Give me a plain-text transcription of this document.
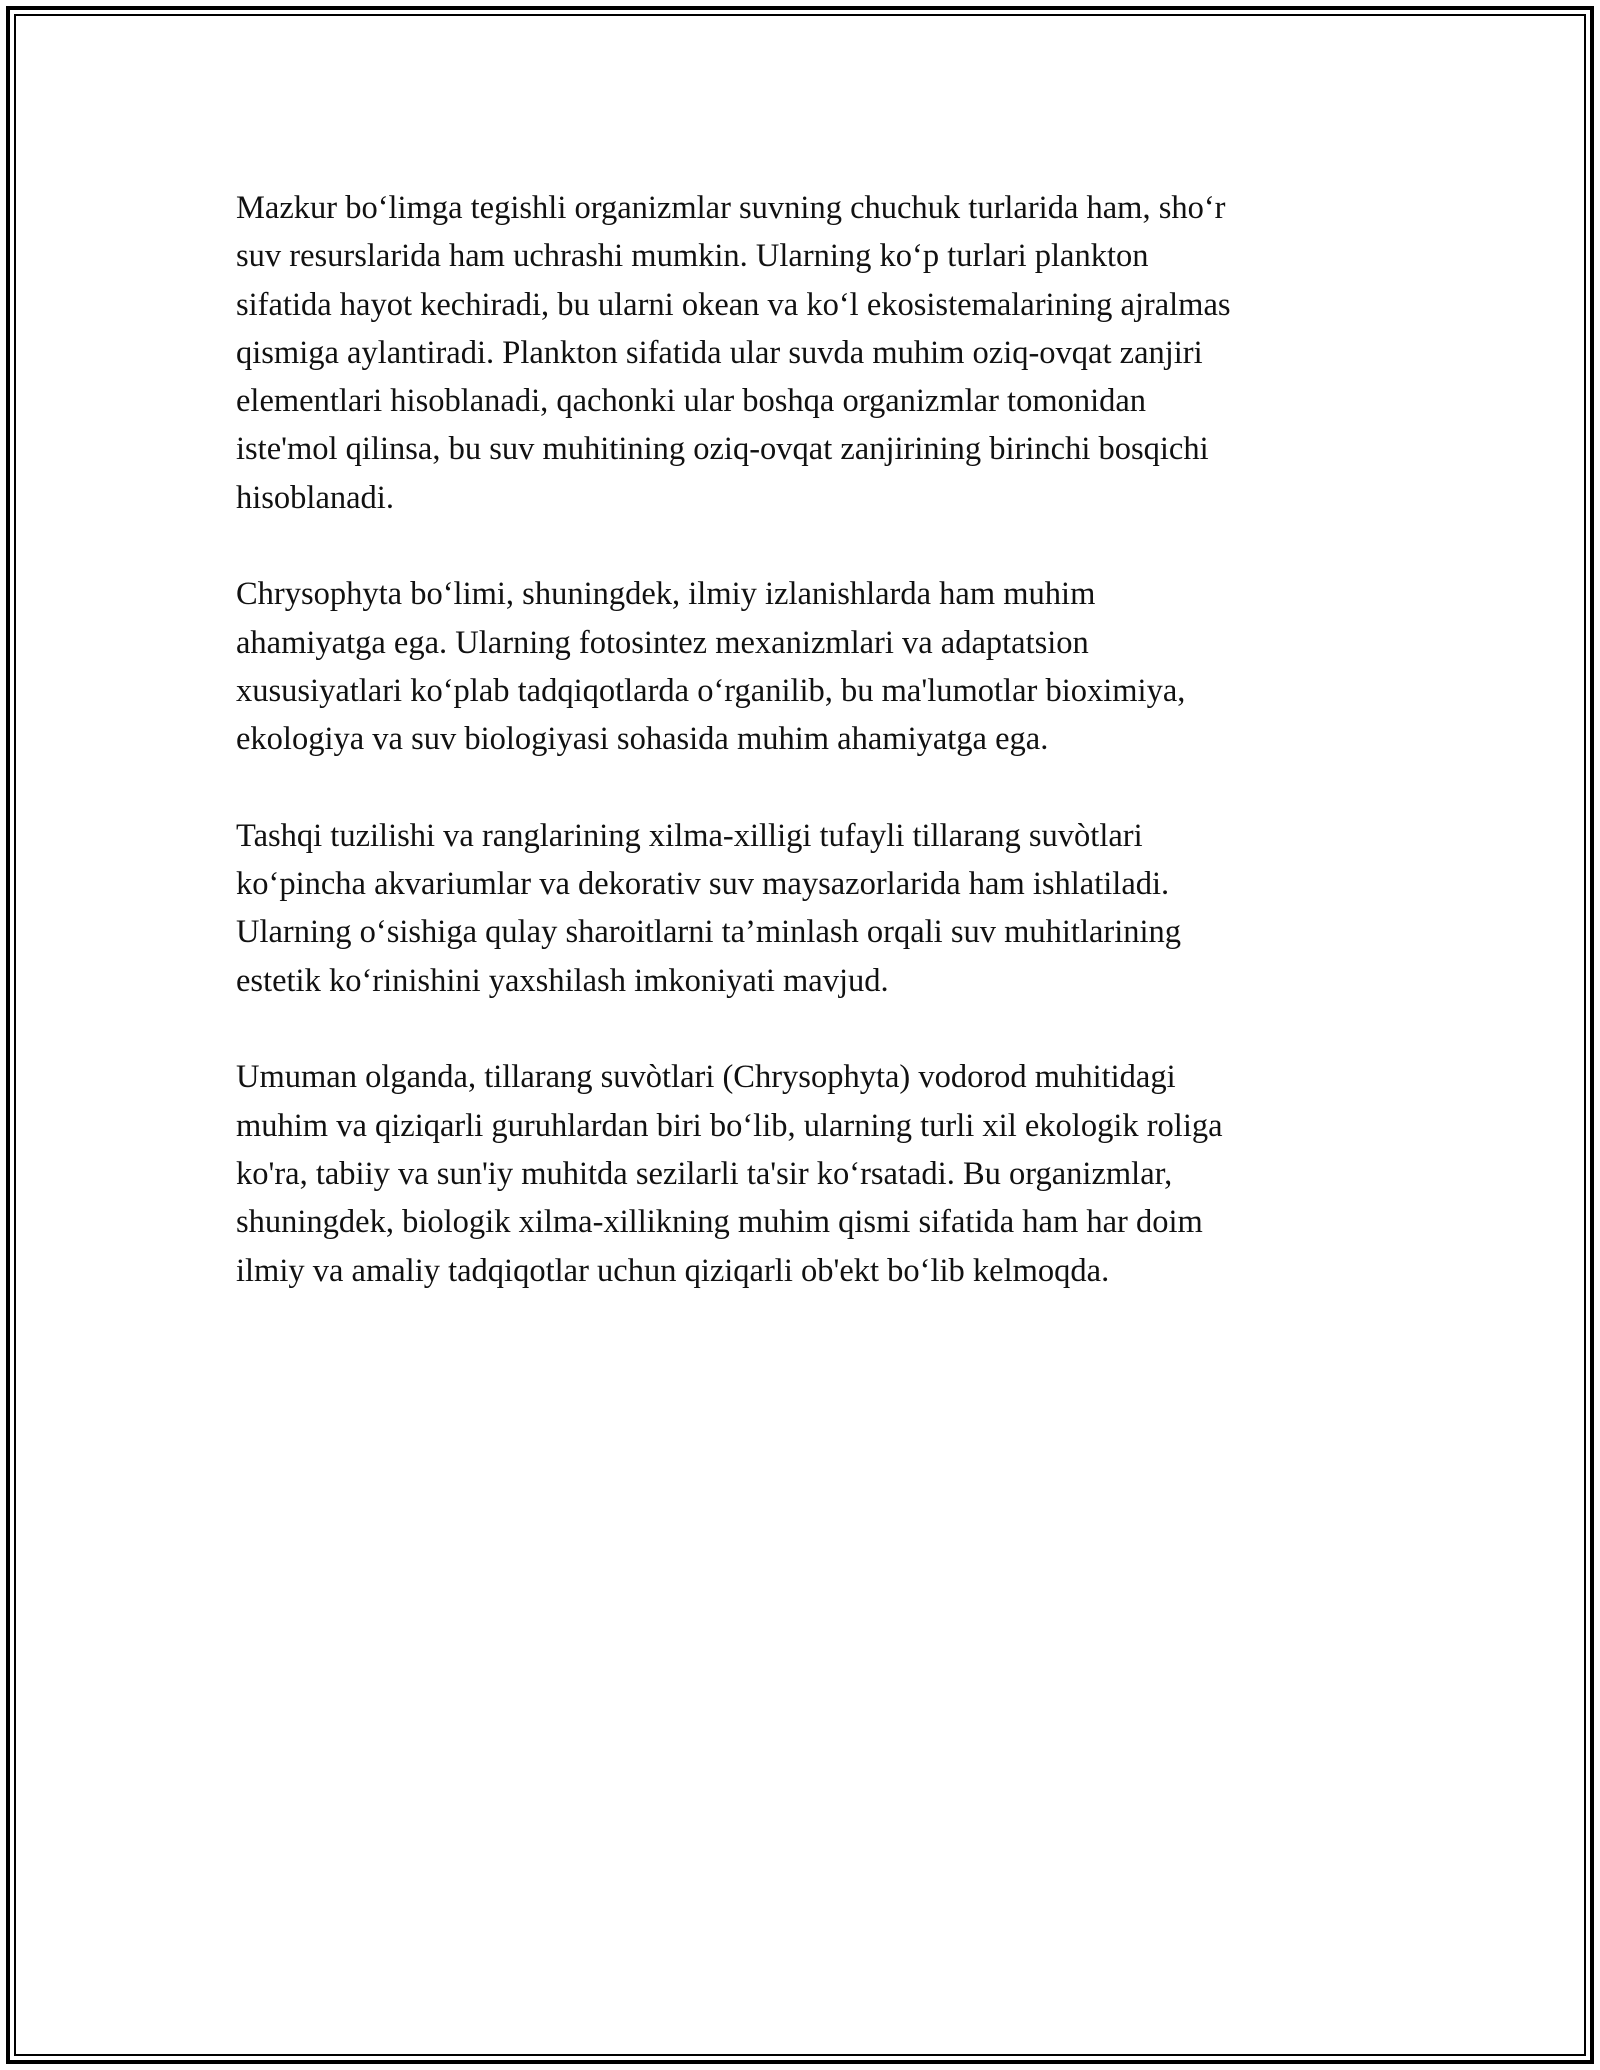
Mazkur bo‘limga tegishli organizmlar suvning chuchuk turlarida ham, sho‘r
suv resurslarida ham uchrashi mumkin. Ularning ko‘p turlari plankton
sifatida hayot kechiradi, bu ularni okean va ko‘l ekosistemalarining ajralmas
qismiga aylantiradi. Plankton sifatida ular suvda muhim oziq-ovqat zanjiri
elementlari hisoblanadi, qachonki ular boshqa organizmlar tomonidan
iste'mol qilinsa, bu suv muhitining oziq-ovqat zanjirining birinchi bosqichi
hisoblanadi.

Chrysophyta bo‘limi, shuningdek, ilmiy izlanishlarda ham muhim
ahamiyatga ega. Ularning fotosintez mexanizmlari va adaptatsion
xususiyatlari ko‘plab tadqiqotlarda o‘rganilib, bu ma'lumotlar bioximiya,
ekologiya va suv biologiyasi sohasida muhim ahamiyatga ega.

Tashqi tuzilishi va ranglarining xilma-xilligi tufayli tillarang suvòtlari
ko‘pincha akvariumlar va dekorativ suv maysazorlarida ham ishlatiladi.
Ularning o‘sishiga qulay sharoitlarni ta’minlash orqali suv muhitlarining
estetik ko‘rinishini yaxshilash imkoniyati mavjud.

Umuman olganda, tillarang suvòtlari (Chrysophyta) vodorod muhitidagi
muhim va qiziqarli guruhlardan biri bo‘lib, ularning turli xil ekologik roliga
ko'ra, tabiiy va sun'iy muhitda sezilarli ta'sir ko‘rsatadi. Bu organizmlar,
shuningdek, biologik xilma-xillikning muhim qismi sifatida ham har doim
ilmiy va amaliy tadqiqotlar uchun qiziqarli ob'ekt bo‘lib kelmoqda.
